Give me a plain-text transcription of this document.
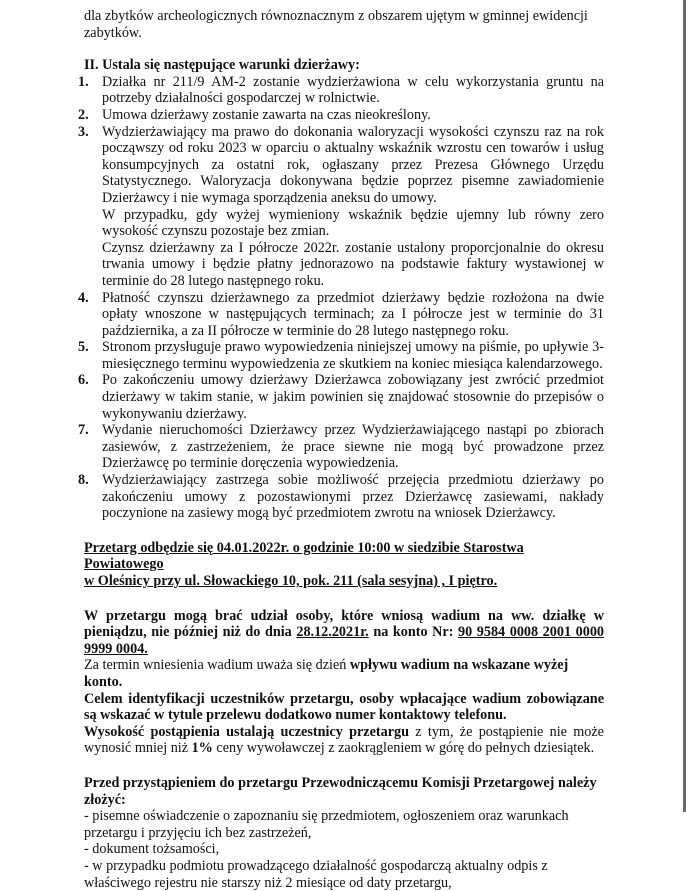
dla zbytków archeologicznych równoznacznym z obszarem ujętym w gminnej ewidencji
zabytków.

II. Ustala się następujące warunki dzierżawy:

1. Działka nr 211/9 AM-2 zostanie wydzierżawiona w celu wykorzystania gruntu na potrzeby działalności gospodarczej w rolnictwie.
2. Umowa dzierżawy zostanie zawarta na czas nieokreślony.
3. Wydzierżawiający ma prawo do dokonania waloryzacji wysokości czynszu raz na rok począwszy od roku 2023 w oparciu o aktualny wskaźnik wzrostu cen towarów i usług konsumpcyjnych za ostatni rok, ogłaszany przez Prezesa Głównego Urzędu Statystycznego. Waloryzacja dokonywana będzie poprzez pisemne zawiadomienie Dzierżawcy i nie wymaga sporządzenia aneksu do umowy.
W przypadku, gdy wyżej wymieniony wskaźnik będzie ujemny lub równy zero wysokość czynszu pozostaje bez zmian.
Czynsz dzierżawny za I półrocze 2022r. zostanie ustalony proporcjonalnie do okresu trwania umowy i będzie płatny jednorazowo na podstawie faktury wystawionej w terminie do 28 lutego następnego roku.
4. Płatność czynszu dzierżawnego za przedmiot dzierżawy będzie rozłożona na dwie opłaty wnoszone w następujących terminach; za I półrocze jest w terminie do 31 października, a za II półrocze w terminie do 28 lutego następnego roku.
5. Stronom przysługuje prawo wypowiedzenia niniejszej umowy na piśmie, po upływie 3-miesięcznego terminu wypowiedzenia ze skutkiem na koniec miesiąca kalendarzowego.
6. Po zakończeniu umowy dzierżawy Dzierżawca zobowiązany jest zwrócić przedmiot dzierżawy w takim stanie, w jakim powinien się znajdować stosownie do przepisów o wykonywaniu dzierżawy.
7. Wydanie nieruchomości Dzierżawcy przez Wydzierżawiającego nastąpi po zbiorach zasiewów, z zastrzeżeniem, że prace siewne nie mogą być prowadzone przez Dzierżawcę po terminie doręczenia wypowiedzenia.
8. Wydzierżawiający zastrzega sobie możliwość przejęcia przedmiotu dzierżawy po zakończeniu umowy z pozostawionymi przez Dzierżawcę zasiewami, nakłady poczynione na zasiewy mogą być przedmiotem zwrotu na wniosek Dzierżawcy.
Przetarg odbędzie się 04.01.2022r. o godzinie 10:00 w siedzibie Starostwa Powiatowego
w Oleśnicy przy ul. Słowackiego 10, pok. 211 (sala sesyjna) , I piętro.

W przetargu mogą brać udział osoby, które wniosą wadium na ww. działkę w pieniądzu, nie później niż do dnia 28.12.2021r. na konto Nr: 90 9584 0008 2001 0000 9999 0004.

Za termin wniesienia wadium uważa się dzień wpływu wadium na wskazane wyżej konto.

Celem identyfikacji uczestników przetargu, osoby wpłacające wadium zobowiązane są wskazać w tytule przelewu dodatkowo numer kontaktowy telefonu.

Wysokość postąpienia ustalają uczestnicy przetargu z tym, że postąpienie nie może wynosić mniej niż 1% ceny wywoławczej z zaokrągleniem w górę do pełnych dziesiątek.

Przed przystąpieniem do przetargu Przewodniczącemu Komisji Przetargowej należy złożyć:

- pisemne oświadczenie o zapoznaniu się przedmiotem, ogłoszeniem oraz warunkach przetargu i przyjęciu ich bez zastrzeżeń,
- dokument tożsamości,
- w przypadku podmiotu prowadzącego działalność gospodarczą aktualny odpis z właściwego rejestru nie starszy niż 2 miesiące od daty przetargu,
